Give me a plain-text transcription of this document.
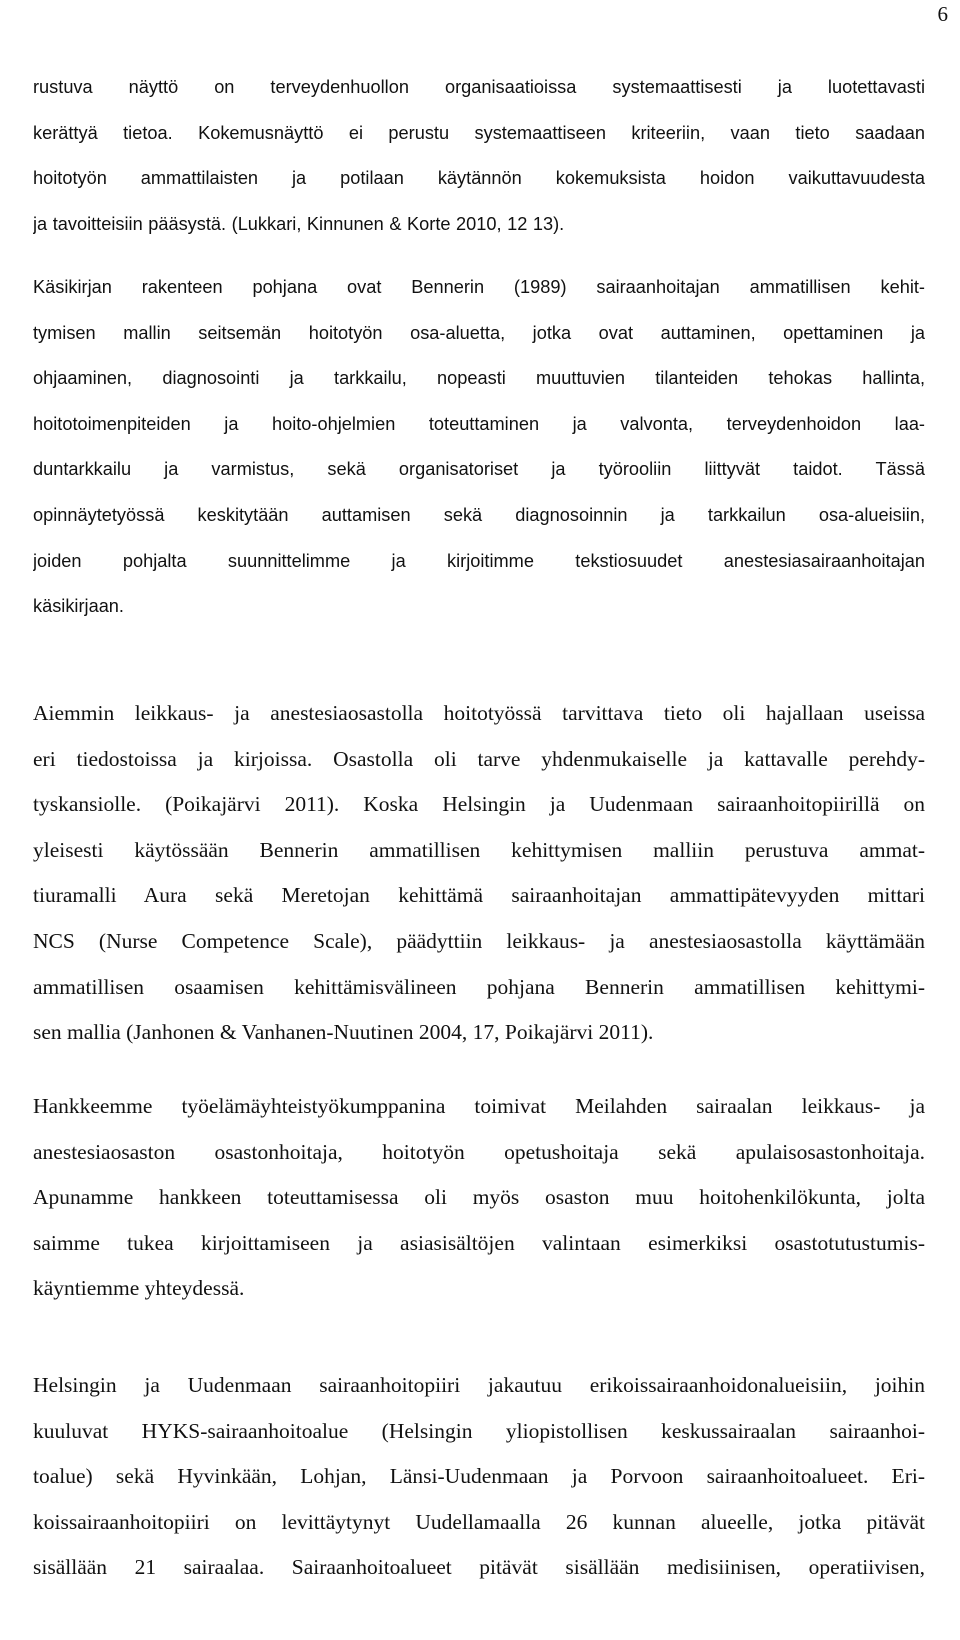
6
rustuva näyttö on terveydenhuollon organisaatioissa systemaattisesti ja luotettavasti
kerättyä tietoa. Kokemusnäyttö ei perustu systemaattiseen kriteeriin, vaan tieto saadaan
hoitotyön ammattilaisten ja potilaan käytännön kokemuksista hoidon vaikuttavuudesta
ja tavoitteisiin pääsystä. (Lukkari, Kinnunen & Korte 2010, 12 13).
Käsikirjan rakenteen pohjana ovat Bennerin (1989) sairaanhoitajan ammatillisen kehit-
tymisen mallin seitsemän hoitotyön osa-aluetta, jotka ovat auttaminen, opettaminen ja
ohjaaminen, diagnosointi ja tarkkailu, nopeasti muuttuvien tilanteiden tehokas hallinta,
hoitotoimenpiteiden ja hoito-ohjelmien toteuttaminen ja valvonta, terveydenhoidon laa-
duntarkkailu ja varmistus, sekä organisatoriset ja työrooliin liittyvät taidot. Tässä
opinnäytetyössä keskitytään auttamisen sekä diagnosoinnin ja tarkkailun osa-alueisiin,
joiden pohjalta suunnittelimme ja kirjoitimme tekstiosuudet anestesiasairaanhoitajan
käsikirjaan.
Aiemmin leikkaus- ja anestesiaosastolla hoitotyössä tarvittava tieto oli hajallaan useissa
eri tiedostoissa ja kirjoissa. Osastolla oli tarve yhdenmukaiselle ja kattavalle perehdy-
tyskansiolle. (Poikajärvi 2011). Koska Helsingin ja Uudenmaan sairaanhoitopiirillä on
yleisesti käytössään Bennerin ammatillisen kehittymisen malliin perustuva ammat-
tiuramalli Aura sekä Meretojan kehittämä sairaanhoitajan ammattipätevyyden mittari
NCS (Nurse Competence Scale), päädyttiin leikkaus- ja anestesiaosastolla käyttämään
ammatillisen osaamisen kehittämisvälineen pohjana Bennerin ammatillisen kehittymi-
sen mallia (Janhonen & Vanhanen-Nuutinen 2004, 17, Poikajärvi 2011).
Hankkeemme työelämäyhteistyökumppanina toimivat Meilahden sairaalan leikkaus- ja
anestesiaosaston osastonhoitaja, hoitotyön opetushoitaja sekä apulaisosastonhoitaja.
Apunamme hankkeen toteuttamisessa oli myös osaston muu hoitohenkilökunta, jolta
saimme tukea kirjoittamiseen ja asiasisältöjen valintaan esimerkiksi osastotutustumis-
käyntiemme yhteydessä.
Helsingin ja Uudenmaan sairaanhoitopiiri jakautuu erikoissairaanhoidonalueisiin, joihin
kuuluvat HYKS-sairaanhoitoalue (Helsingin yliopistollisen keskussairaalan sairaanhoi-
toalue) sekä Hyvinkään, Lohjan, Länsi-Uudenmaan ja Porvoon sairaanhoitoalueet. Eri-
koissairaanhoitopiiri on levittäytynyt Uudellamaalla 26 kunnan alueelle, jotka pitävät
sisällään 21 sairaalaa. Sairaanhoitoalueet pitävät sisällään medisiinisen, operatiivisen,
